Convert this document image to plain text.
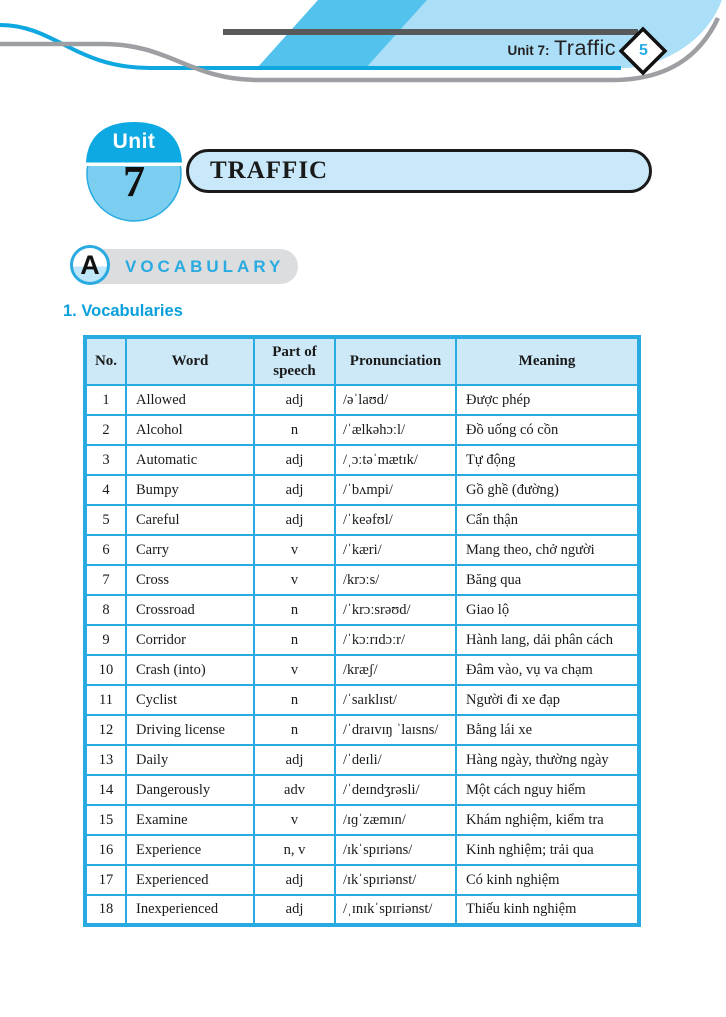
Unit 7: Traffic	5
TRAFFIC
Unit
7
VOCABULARY
A
1. Vocabularies
No.	Word	Part of speech	Pronunciation	Meaning
1	Allowed	adj	/əˈlaʊd/	Được phép
2	Alcohol	n	/ˈælkəhɔːl/	Đồ uống có cồn
3	Automatic	adj	/ˌɔːtəˈmætɪk/	Tự động
4	Bumpy	adj	/ˈbʌmpi/	Gồ ghề (đường)
5	Careful	adj	/ˈkeəfʊl/	Cẩn thận
6	Carry	v	/ˈkæri/	Mang theo, chở người
7	Cross	v	/krɔːs/	Băng qua
8	Crossroad	n	/ˈkrɔːsrəʊd/	Giao lộ
9	Corridor	n	/ˈkɔːrɪdɔːr/	Hành lang, dải phân cách
10	Crash (into)	v	/kræʃ/	Đâm vào, vụ va chạm
11	Cyclist	n	/ˈsaɪklɪst/	Người đi xe đạp
12	Driving license	n	/ˈdraɪvɪŋ ˈlaɪsns/	Bằng lái xe
13	Daily	adj	/ˈdeɪli/	Hàng ngày, thường ngày
14	Dangerously	adv	/ˈdeɪndʒrəsli/	Một cách nguy hiểm
15	Examine	v	/ɪɡˈzæmɪn/	Khám nghiệm, kiểm tra
16	Experience	n, v	/ɪkˈspɪriəns/	Kinh nghiệm; trải qua
17	Experienced	adj	/ɪkˈspɪriənst/	Có kinh nghiệm
18	Inexperienced	adj	/ˌɪnɪkˈspɪriənst/	Thiếu kinh nghiệm
